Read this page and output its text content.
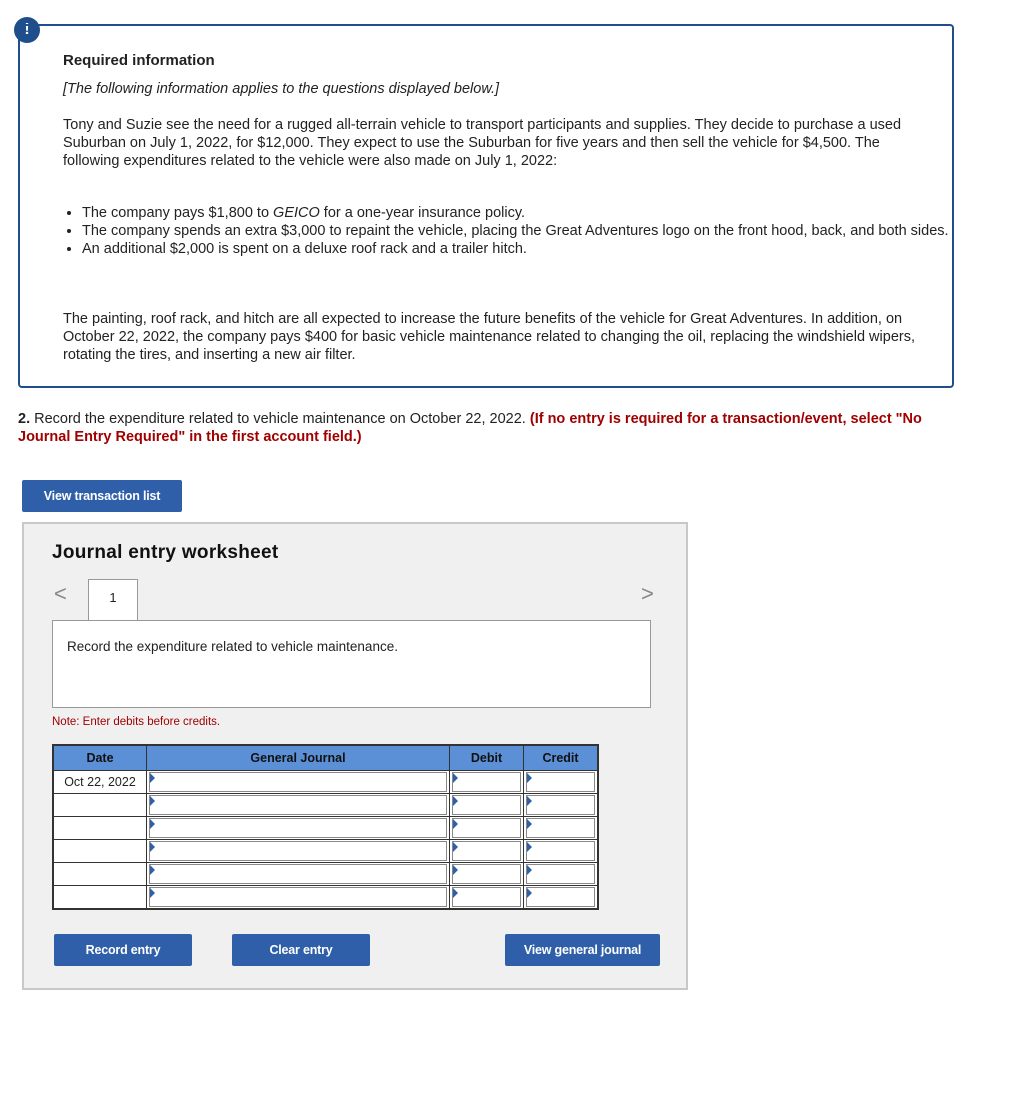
!
Required information
[The following information applies to the questions displayed below.]
Tony and Suzie see the need for a rugged all-terrain vehicle to transport participants and supplies. They decide to purchase a used Suburban on July 1, 2022, for $12,000. They expect to use the Suburban for five years and then sell the vehicle for $4,500. The following expenditures related to the vehicle were also made on July 1, 2022:
• The company pays $1,800 to GEICO for a one-year insurance policy.
• The company spends an extra $3,000 to repaint the vehicle, placing the Great Adventures logo on the front hood, back, and both sides.
• An additional $2,000 is spent on a deluxe roof rack and a trailer hitch.
The painting, roof rack, and hitch are all expected to increase the future benefits of the vehicle for Great Adventures. In addition, on October 22, 2022, the company pays $400 for basic vehicle maintenance related to changing the oil, replacing the windshield wipers, rotating the tires, and inserting a new air filter.
2. Record the expenditure related to vehicle maintenance on October 22, 2022. (If no entry is required for a transaction/event, select "No Journal Entry Required" in the first account field.)
View transaction list
Journal entry worksheet
<	1	>
Record the expenditure related to vehicle maintenance.
Note: Enter debits before credits.
Date	General Journal	Debit	Credit
Oct 22, 2022	

Record entry	Clear entry	View general journal
